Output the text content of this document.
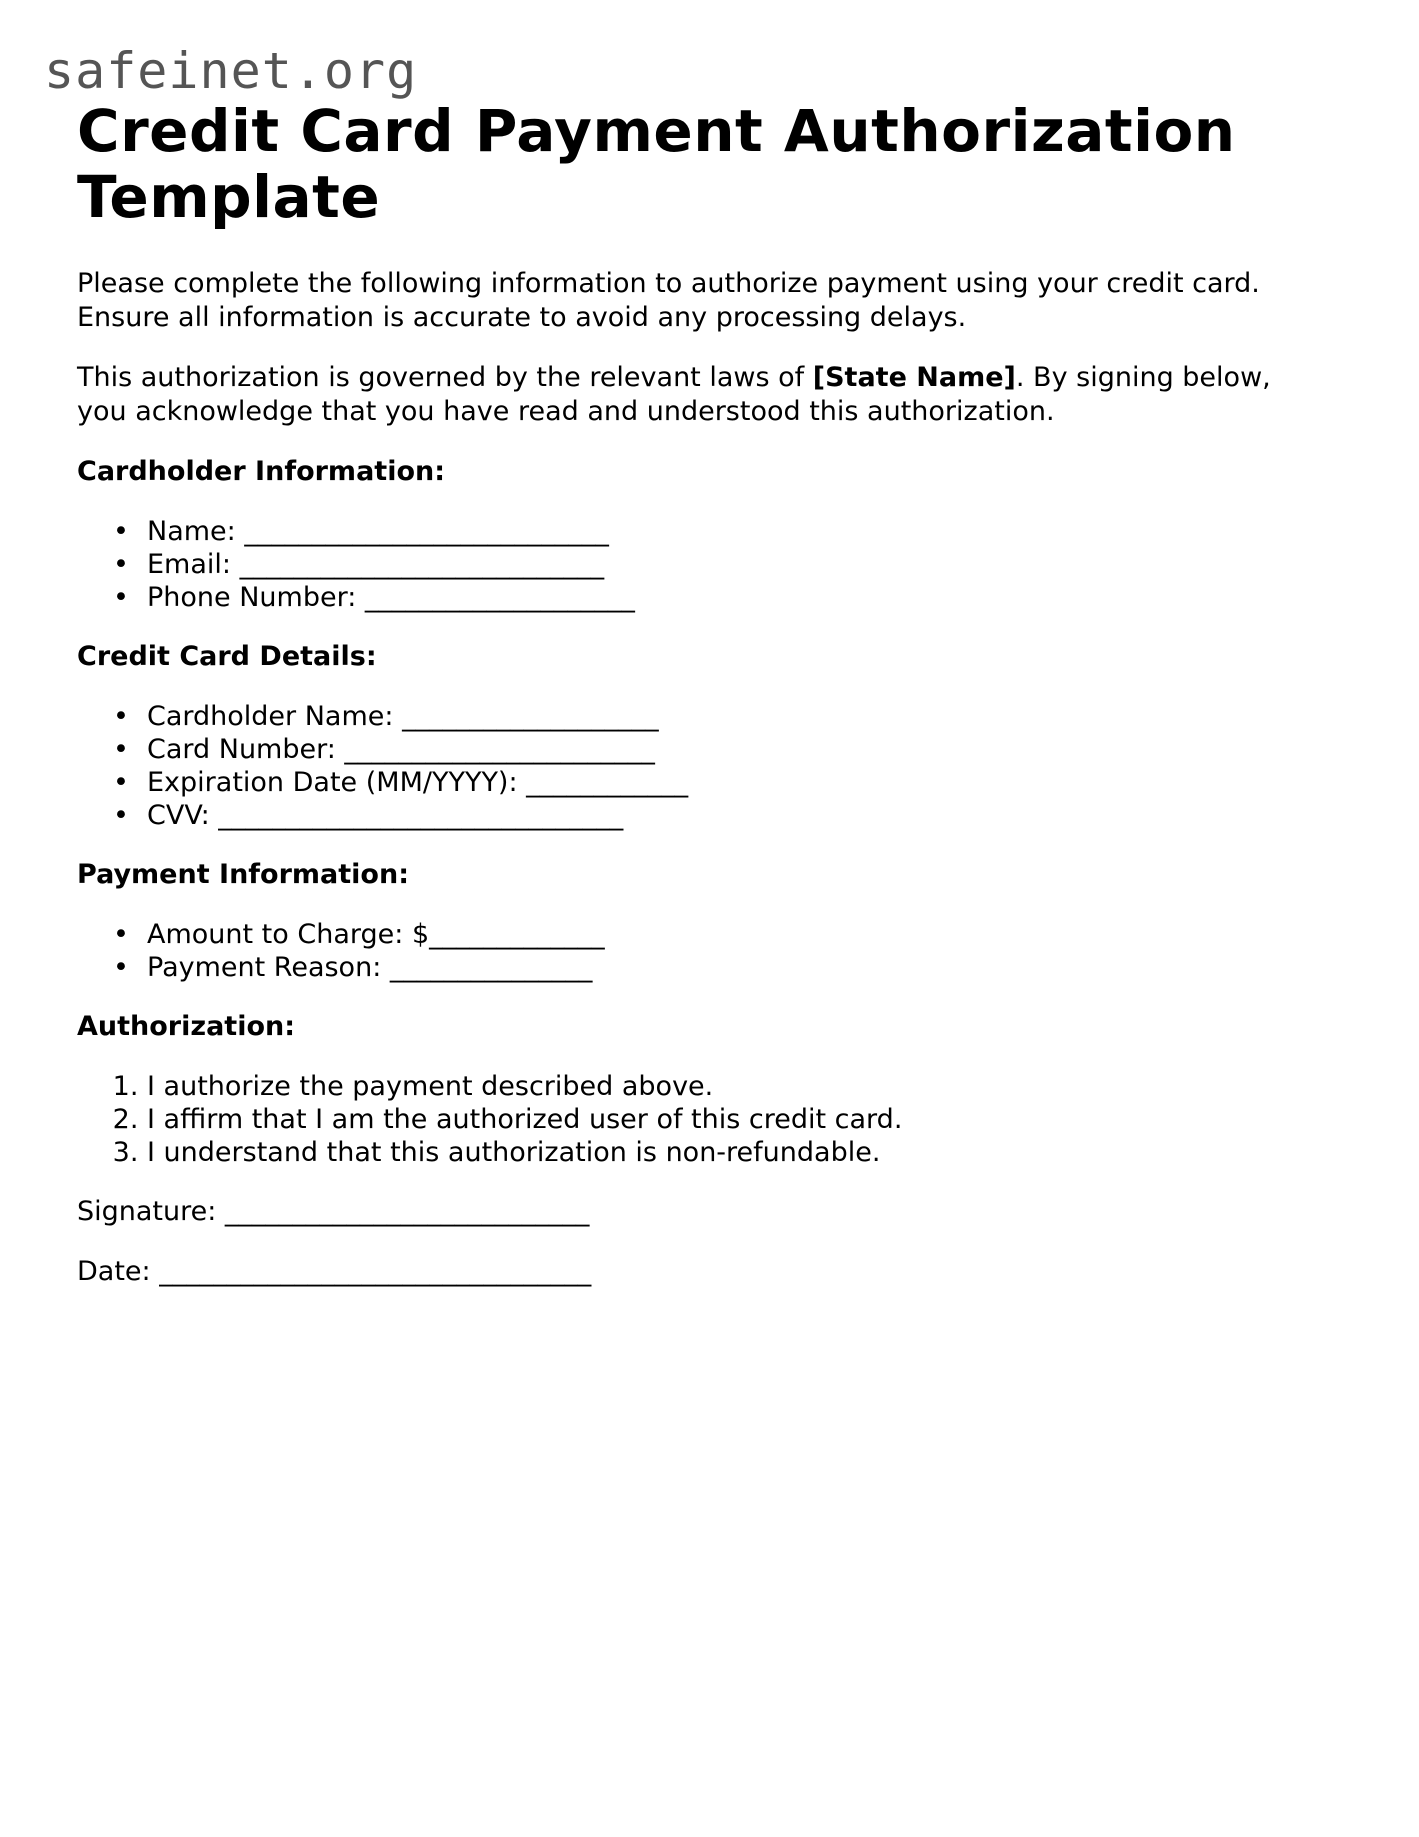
safeinet.org
Credit Card Payment Authorization Template

Please complete the following information to authorize payment using your credit card. Ensure all information is accurate to avoid any processing delays.

This authorization is governed by the relevant laws of [State Name]. By signing below, you acknowledge that you have read and understood this authorization.

Cardholder Information:
• Name: ___________________________
• Email: ___________________________
• Phone Number: ____________________
Credit Card Details:
• Cardholder Name: ___________________
• Card Number: _______________________
• Expiration Date (MM/YYYY): ____________
• CVV: ______________________________
Payment Information:
• Amount to Charge: $_____________
• Payment Reason: _______________
Authorization:
1. I authorize the payment described above.
2. I affirm that I am the authorized user of this credit card.
3. I understand that this authorization is non-refundable.

Signature: ___________________________

Date: ________________________________
